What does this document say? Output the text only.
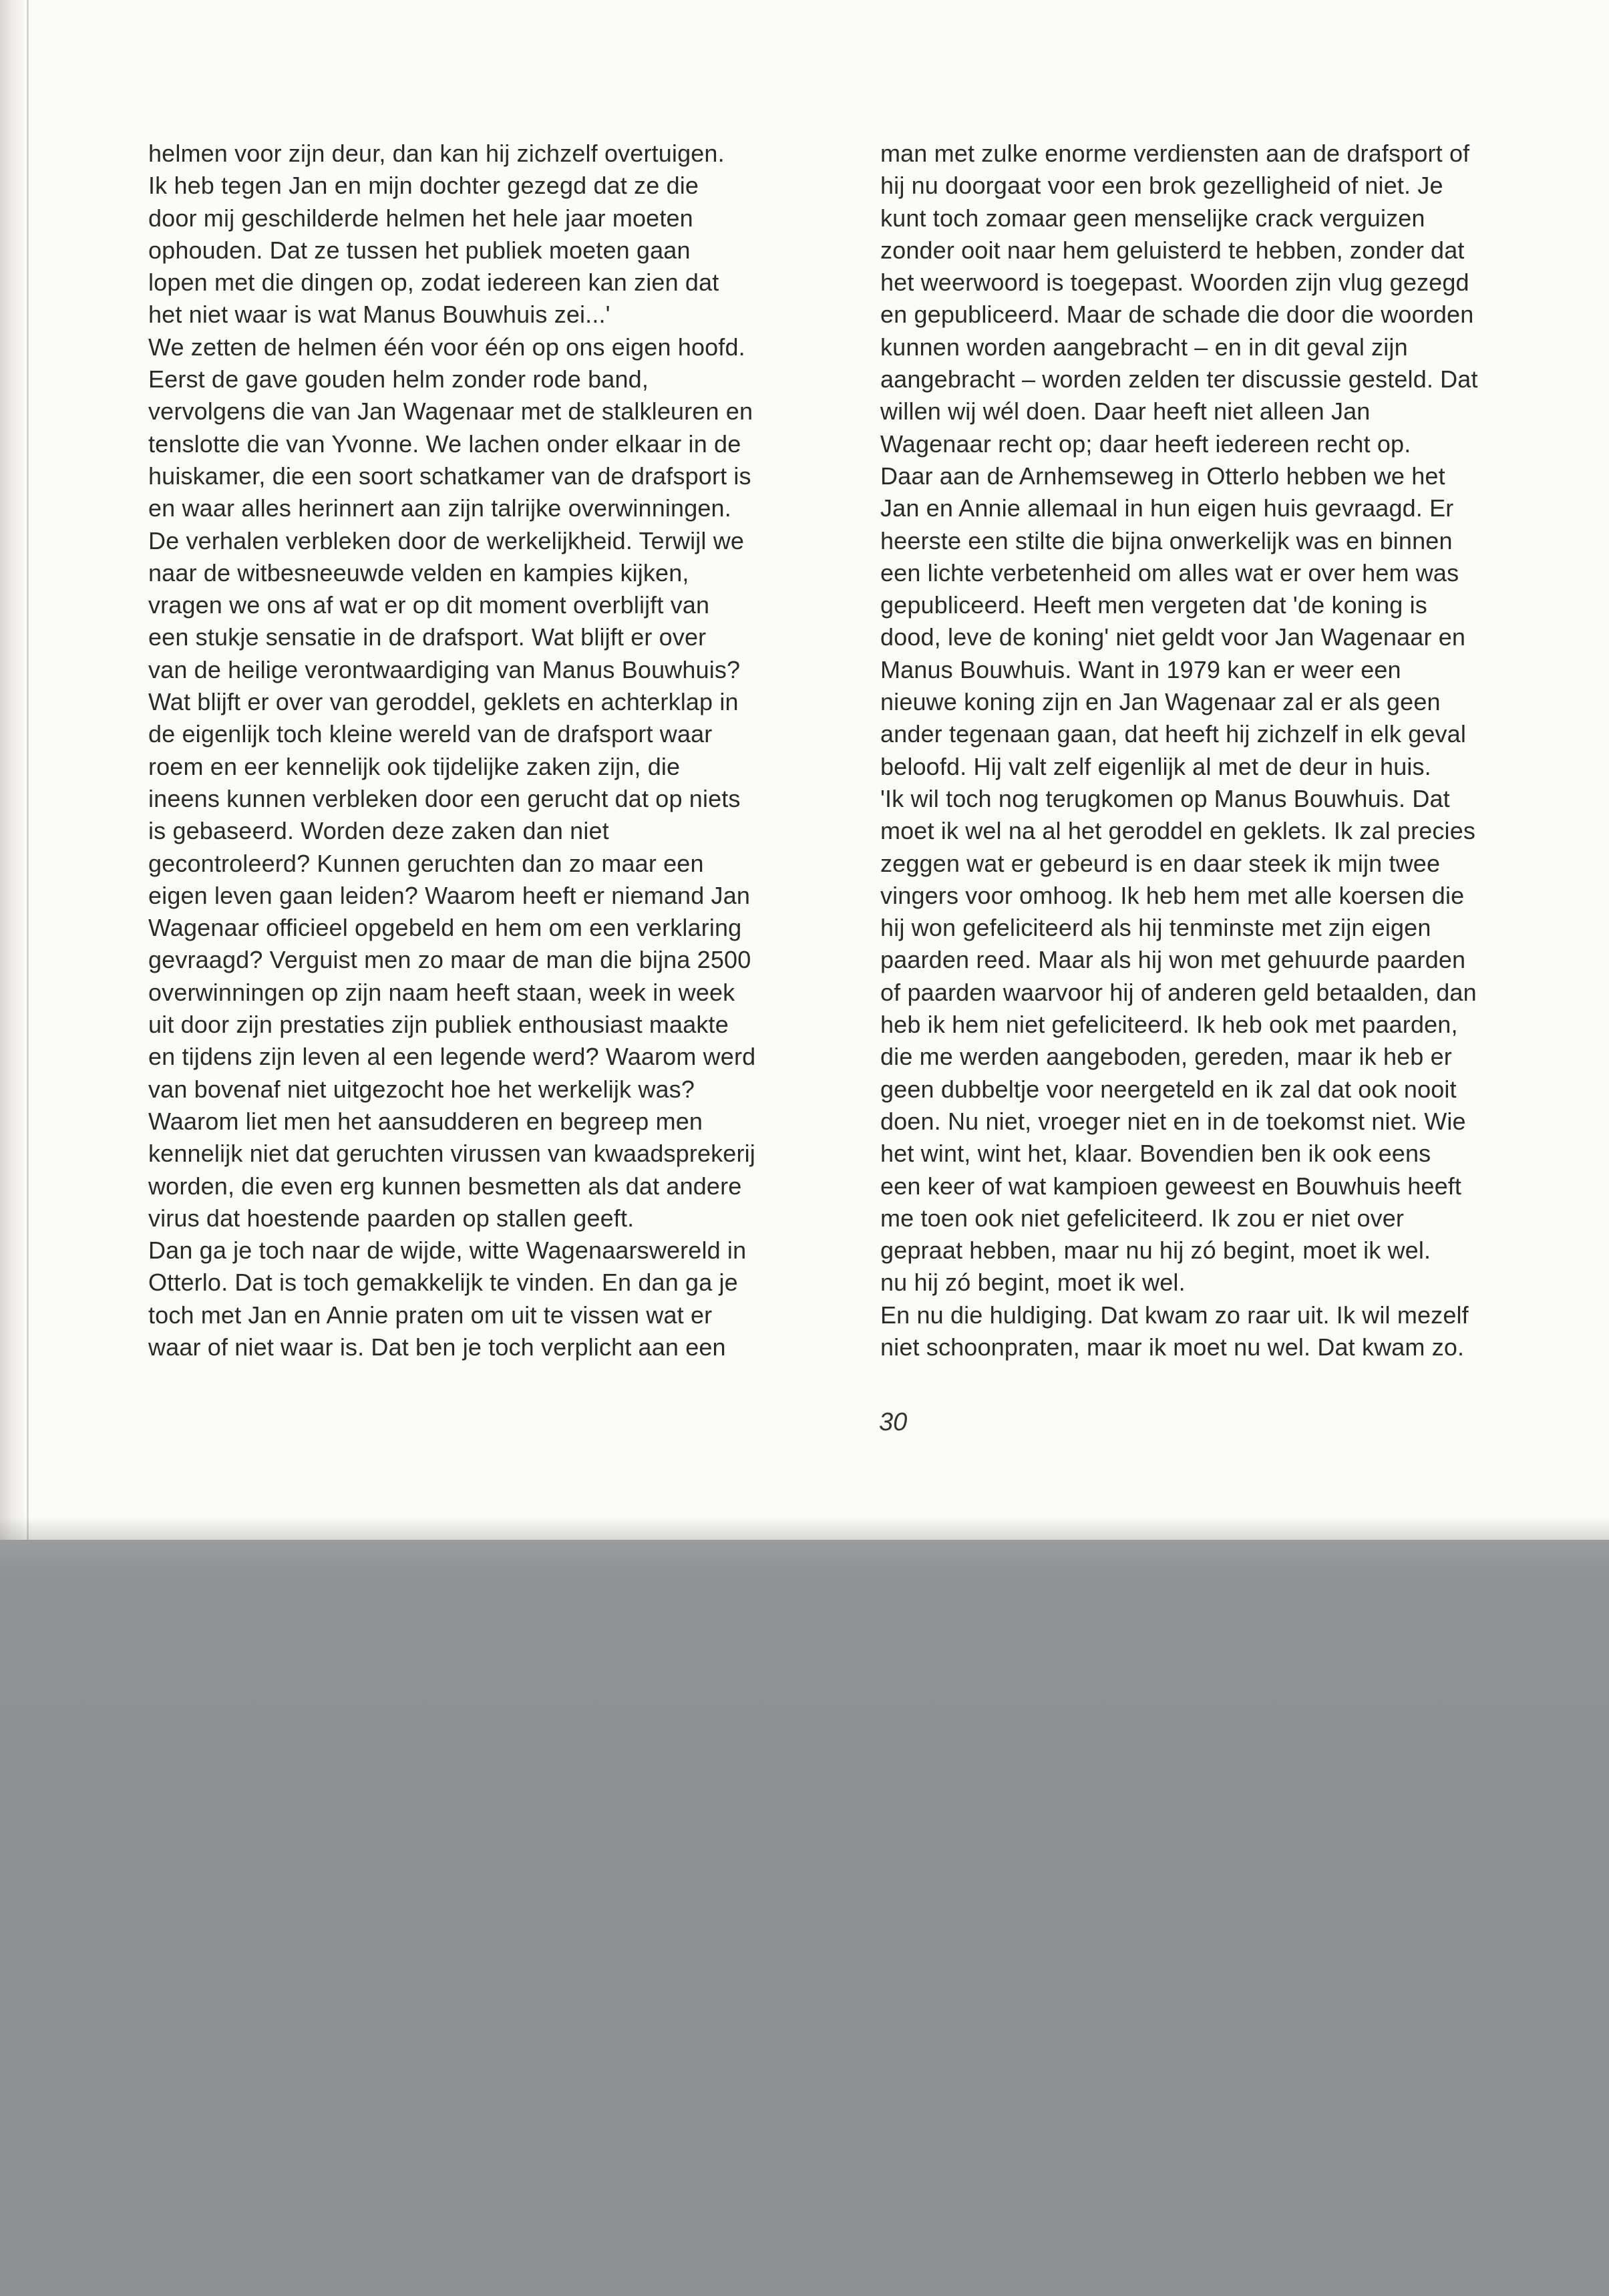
helmen voor zijn deur, dan kan hij zichzelf overtuigen.
Ik heb tegen Jan en mijn dochter gezegd dat ze die
door mij geschilderde helmen het hele jaar moeten
ophouden. Dat ze tussen het publiek moeten gaan
lopen met die dingen op, zodat iedereen kan zien dat
het niet waar is wat Manus Bouwhuis zei...'
We zetten de helmen één voor één op ons eigen hoofd.
Eerst de gave gouden helm zonder rode band,
vervolgens die van Jan Wagenaar met de stalkleuren en
tenslotte die van Yvonne. We lachen onder elkaar in de
huiskamer, die een soort schatkamer van de drafsport is
en waar alles herinnert aan zijn talrijke overwinningen.
De verhalen verbleken door de werkelijkheid. Terwijl we
naar de witbesneeuwde velden en kampies kijken,
vragen we ons af wat er op dit moment overblijft van
een stukje sensatie in de drafsport. Wat blijft er over
van de heilige verontwaardiging van Manus Bouwhuis?
Wat blijft er over van geroddel, geklets en achterklap in
de eigenlijk toch kleine wereld van de drafsport waar
roem en eer kennelijk ook tijdelijke zaken zijn, die
ineens kunnen verbleken door een gerucht dat op niets
is gebaseerd. Worden deze zaken dan niet
gecontroleerd? Kunnen geruchten dan zo maar een
eigen leven gaan leiden? Waarom heeft er niemand Jan
Wagenaar officieel opgebeld en hem om een verklaring
gevraagd? Verguist men zo maar de man die bijna 2500
overwinningen op zijn naam heeft staan, week in week
uit door zijn prestaties zijn publiek enthousiast maakte
en tijdens zijn leven al een legende werd? Waarom werd
van bovenaf niet uitgezocht hoe het werkelijk was?
Waarom liet men het aansudderen en begreep men
kennelijk niet dat geruchten virussen van kwaadsprekerij
worden, die even erg kunnen besmetten als dat andere
virus dat hoestende paarden op stallen geeft.
Dan ga je toch naar de wijde, witte Wagenaarswereld in
Otterlo. Dat is toch gemakkelijk te vinden. En dan ga je
toch met Jan en Annie praten om uit te vissen wat er
waar of niet waar is. Dat ben je toch verplicht aan een
man met zulke enorme verdiensten aan de drafsport of
hij nu doorgaat voor een brok gezelligheid of niet. Je
kunt toch zomaar geen menselijke crack verguizen
zonder ooit naar hem geluisterd te hebben, zonder dat
het weerwoord is toegepast. Woorden zijn vlug gezegd
en gepubliceerd. Maar de schade die door die woorden
kunnen worden aangebracht – en in dit geval zijn
aangebracht – worden zelden ter discussie gesteld. Dat
willen wij wél doen. Daar heeft niet alleen Jan
Wagenaar recht op; daar heeft iedereen recht op.
Daar aan de Arnhemseweg in Otterlo hebben we het
Jan en Annie allemaal in hun eigen huis gevraagd. Er
heerste een stilte die bijna onwerkelijk was en binnen
een lichte verbetenheid om alles wat er over hem was
gepubliceerd. Heeft men vergeten dat 'de koning is
dood, leve de koning' niet geldt voor Jan Wagenaar en
Manus Bouwhuis. Want in 1979 kan er weer een
nieuwe koning zijn en Jan Wagenaar zal er als geen
ander tegenaan gaan, dat heeft hij zichzelf in elk geval
beloofd. Hij valt zelf eigenlijk al met de deur in huis.
'Ik wil toch nog terugkomen op Manus Bouwhuis. Dat
moet ik wel na al het geroddel en geklets. Ik zal precies
zeggen wat er gebeurd is en daar steek ik mijn twee
vingers voor omhoog. Ik heb hem met alle koersen die
hij won gefeliciteerd als hij tenminste met zijn eigen
paarden reed. Maar als hij won met gehuurde paarden
of paarden waarvoor hij of anderen geld betaalden, dan
heb ik hem niet gefeliciteerd. Ik heb ook met paarden,
die me werden aangeboden, gereden, maar ik heb er
geen dubbeltje voor neergeteld en ik zal dat ook nooit
doen. Nu niet, vroeger niet en in de toekomst niet. Wie
het wint, wint het, klaar. Bovendien ben ik ook eens
een keer of wat kampioen geweest en Bouwhuis heeft
me toen ook niet gefeliciteerd. Ik zou er niet over
gepraat hebben, maar nu hij zó begint, moet ik wel.
nu hij zó begint, moet ik wel.
En nu die huldiging. Dat kwam zo raar uit. Ik wil mezelf
niet schoonpraten, maar ik moet nu wel. Dat kwam zo.
30
